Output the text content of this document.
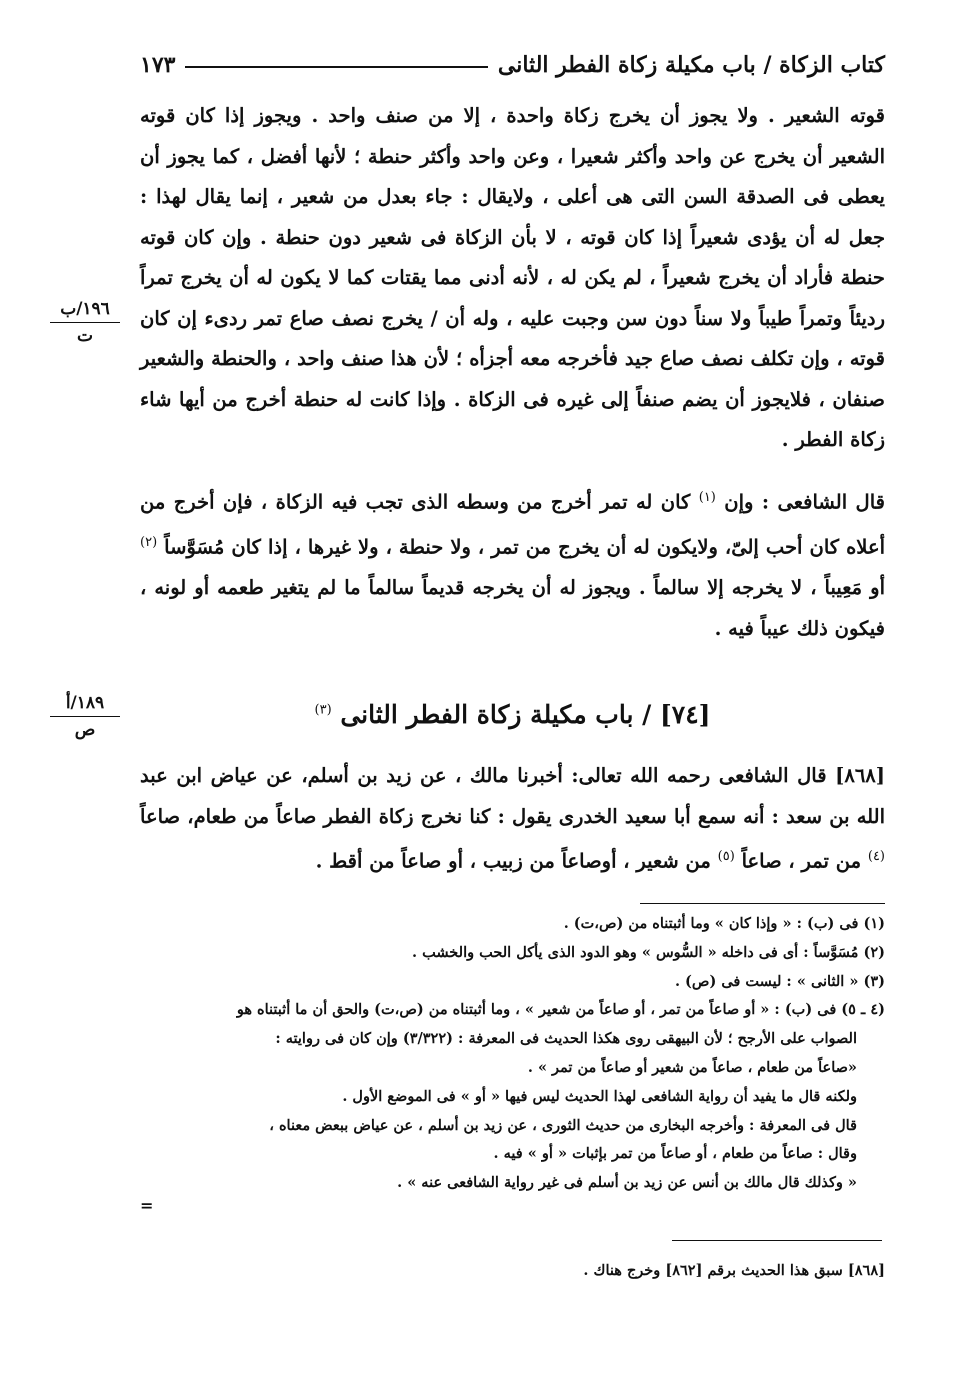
كتاب الزكاة / باب مكيلة زكاة الفطر الثانى
١٧٣
١٩٦/ب
ت
١٨٩/أ
ص

قوته الشعير . ولا يجوز أن يخرج زكاة واحدة ، إلا من صنف واحد . ويجوز إذا كان قوته الشعير أن يخرج عن واحد وأكثر شعيرا ، وعن واحد وأكثر حنطة ؛ لأنها أفضل ، كما يجوز أن يعطى فى الصدقة السن التى هى أعلى ، ولايقال : جاء بعدل من شعير ، إنما يقال لهذا : جعل له أن يؤدى شعيراً إذا كان قوته ، لا بأن الزكاة فى شعير دون حنطة . وإن كان قوته حنطة فأراد أن يخرج شعيراً ، لم يكن له ، لأنه أدنى مما يقتات كما لا يكون له أن يخرج تمراً رديئاً وتمراً طيباً ولا سناً دون سن وجبت عليه ، وله أن / يخرج نصف صاع تمر ردىء إن كان قوته ، وإن تكلف نصف صاع جيد فأخرجه معه أجزأه ؛ لأن هذا صنف واحد ، والحنطة والشعير صنفان ، فلايجوز أن يضم صنفاً إلى غيره فى الزكاة . وإذا كانت له حنطة أخرج من أيها شاء زكاة الفطر .

قال الشافعى : وإن $^{(١)}$ كان له تمر أخرج من وسطه الذى تجب فيه الزكاة ، فإن أخرج من أعلاه كان أحب إلىّ، ولايكون له أن يخرج من تمر ، ولا حنطة ، ولا غيرها ، إذا كان مُسَوَّساً $^{(٢)}$ أو مَعِيباً ، لا يخرجه إلا سالماً . ويجوز له أن يخرجه قديماً سالماً ما لم يتغير طعمه أو لونه ، فيكون ذلك عيباً فيه .

[٧٤] / باب مكيلة زكاة الفطر الثانى $^{(٣)}$

[٨٦٨] قال الشافعى رحمه الله تعالى: أخبرنا مالك ، عن زيد بن أسلم، عن عياض ابن عبد الله بن سعد : أنه سمع أبا سعيد الخدرى يقول : كنا نخرج زكاة الفطر صاعاً من طعام، صاعاً $^{(٤)}$ من تمر ، صاعاً $^{(٥)}$ من شعير ، أوصاعاً من زبيب ، أو صاعاً من أقط .

(١) فى (ب) : « وإذا كان » وما أثبتناه من (ص،ت) .

(٢) مُسَوَّساً : أى فى داخله « السُّوس » وهو الدود الذى يأكل الحب والخشب .

(٣) « الثانى » : ليست فى (ص) .

(٤ ـ ٥) فى (ب) : « أو صاعاً من تمر ، أو صاعاً من شعير » ، وما أثبتناه من (ص،ت) والحق أن ما أثبتناه هو

الصواب على الأرجح ؛ لأن البيهقى روى هكذا الحديث فى المعرفة : (٣/٣٢٢) وإن كان فى روايته :

«صاعاً من طعام ، صاعاً من شعير أو صاعاً من تمر » .

ولكنه قال ما يفيد أن رواية الشافعى لهذا الحديث ليس فيها « أو » فى الموضع الأول .

قال فى المعرفة : وأخرجه البخارى من حديث الثورى ، عن زيد بن أسلم ، عن عياض ببعض معناه ،

وقال : صاعاً من طعام ، أو صاعاً من تمر بإثبات « أو » فيه .

« وكذلك قال مالك بن أنس عن زيد بن أسلم فى غير رواية الشافعى عنه » .

=
[٨٦٨] سبق هذا الحديث برقم [٨٦٢] وخرج هناك .
